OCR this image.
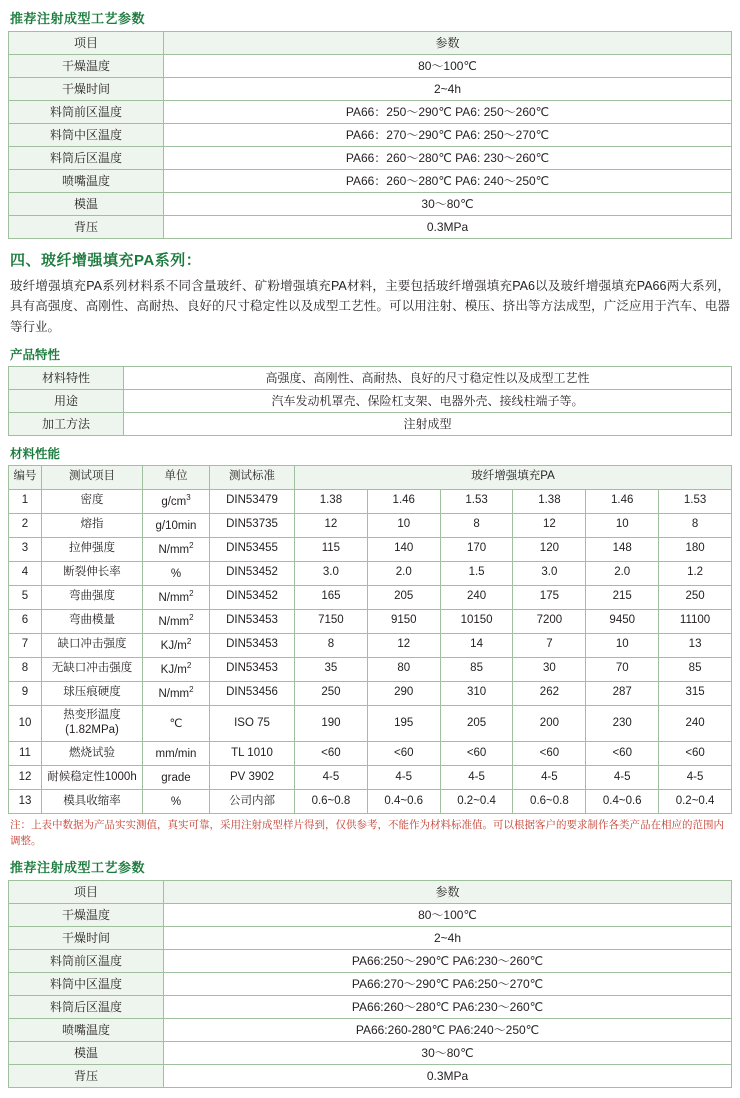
推荐注射成型工艺参数
项目	参数
干燥温度	80～100℃
干燥时间	2~4h
料筒前区温度	PA66：250～290℃ PA6: 250～260℃
料筒中区温度	PA66：270～290℃ PA6: 250～270℃
料筒后区温度	PA66：260～280℃ PA6: 230～260℃
喷嘴温度	PA66：260～280℃ PA6: 240～250℃
模温	30～80℃
背压	0.3MPa
四、玻纤增强填充PA系列：
玻纤增强填充PA系列材料系不同含量玻纤、矿粉增强填充PA材料，主要包括玻纤增强填充PA6以及玻纤增强填充PA66两大系列，具有高强度、高刚性、高耐热、良好的尺寸稳定性以及成型工艺性。可以用注射、模压、挤出等方法成型，广泛应用于汽车、电器等行业。
产品特性
材料特性	高强度、高刚性、高耐热、良好的尺寸稳定性以及成型工艺性
用途	汽车发动机罩壳、保险杠支架、电器外壳、接线柱端子等。
加工方法	注射成型
材料性能
编号	测试项目	单位	测试标准	玻纤增强填充PA					
1	密度	$g/cm^3$	DIN53479	1.38	1.46	1.53	1.38	1.46	1.53
2	熔指	g/10min	DIN53735	12	10	8	12	10	8
3	拉伸强度	$N/mm^2$	DIN53455	115	140	170	120	148	180
4	断裂伸长率	%	DIN53452	3.0	2.0	1.5	3.0	2.0	1.2
5	弯曲强度	$N/mm^2$	DIN53452	165	205	240	175	215	250
6	弯曲模量	$N/mm^2$	DIN53453	7150	9150	10150	7200	9450	11100
7	缺口冲击强度	$KJ/m^2$	DIN53453	8	12	14	7	10	13
8	无缺口冲击强度	$KJ/m^2$	DIN53453	35	80	85	30	70	85
9	球压痕硬度	$N/mm^2$	DIN53456	250	290	310	262	287	315
10	热变形温度(1.82MPa)	℃	ISO 75	190	195	205	200	230	240
11	燃烧试验	mm/min	TL 1010	<60	<60	<60	<60	<60	<60
12	耐候稳定性1000h	grade	PV 3902	4-5	4-5	4-5	4-5	4-5	4-5
13	模具收缩率	%	公司内部	0.6~0.8	0.4~0.6	0.2~0.4	0.6~0.8	0.4~0.6	0.2~0.4
注：上表中数据为产品实实测值，真实可靠，采用注射成型样片得到，仅供参考，不能作为材料标准值。可以根据客户的要求制作各类产品在相应的范围内调整。
推荐注射成型工艺参数
项目	参数
干燥温度	80～100℃
干燥时间	2~4h
料筒前区温度	PA66:250～290℃ PA6:230～260℃
料筒中区温度	PA66:270～290℃ PA6:250～270℃
料筒后区温度	PA66:260～280℃ PA6:230～260℃
喷嘴温度	PA66:260-280℃ PA6:240～250℃
模温	30～80℃
背压	0.3MPa
